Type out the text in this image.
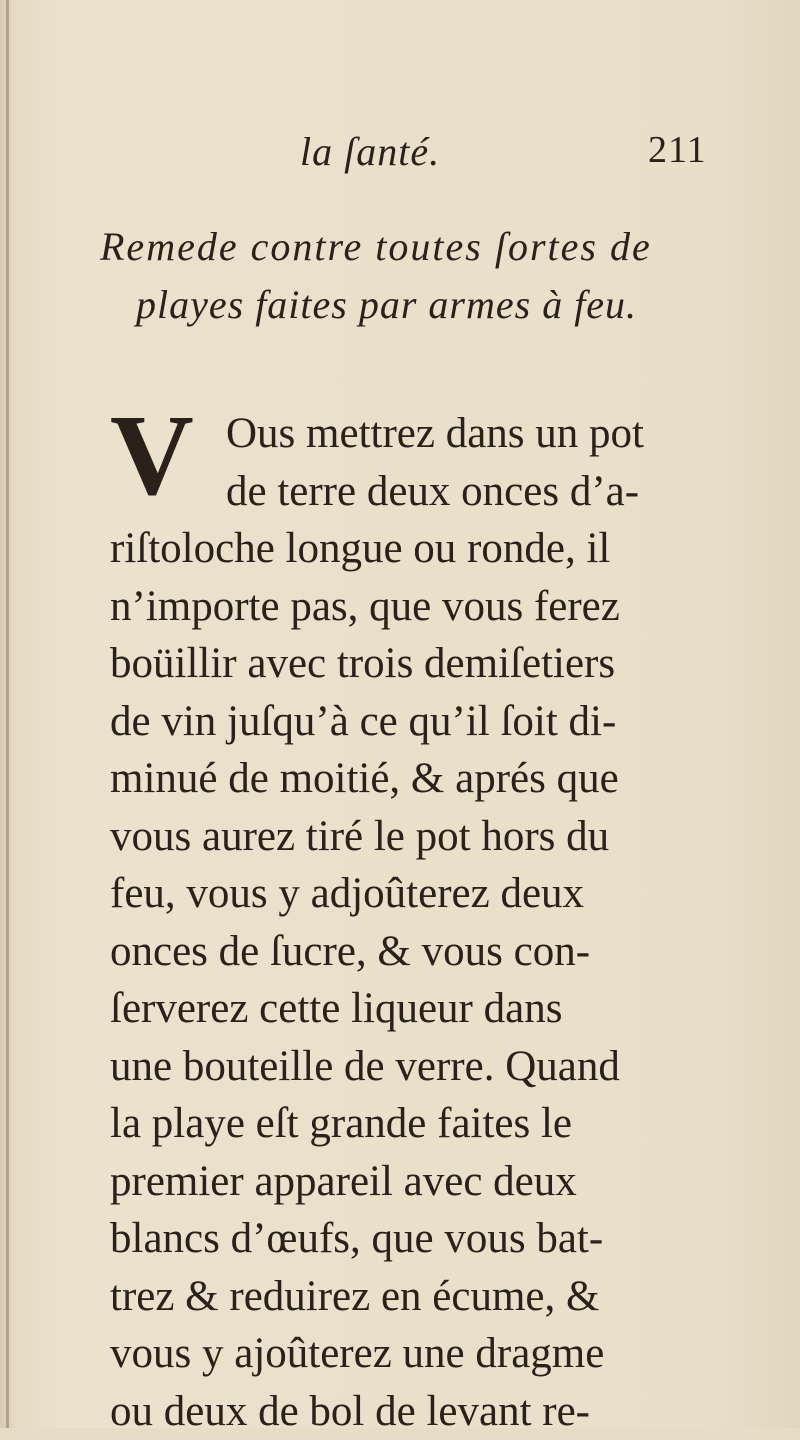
la ſanté.	211
Remede contre toutes ſortes de
playes faites par armes à feu.
V Ous mettrez dans un pot
de terre deux onces d’a-
riſtoloche longue ou ronde, il
n’importe pas, que vous ferez
boüillir avec trois demiſetiers
de vin juſqu’à ce qu’il ſoit di-
minué de moitié, & aprés que
vous aurez tiré le pot hors du
feu, vous y adjoûterez deux
onces de ſucre, & vous con-
ſerverez cette liqueur dans
une bouteille de verre. Quand
la playe eſt grande faites le
premier appareil avec deux
blancs d’œufs, que vous bat-
trez & reduirez en écume, &
vous y ajoûterez une dragme
ou deux de bol de levant re-
